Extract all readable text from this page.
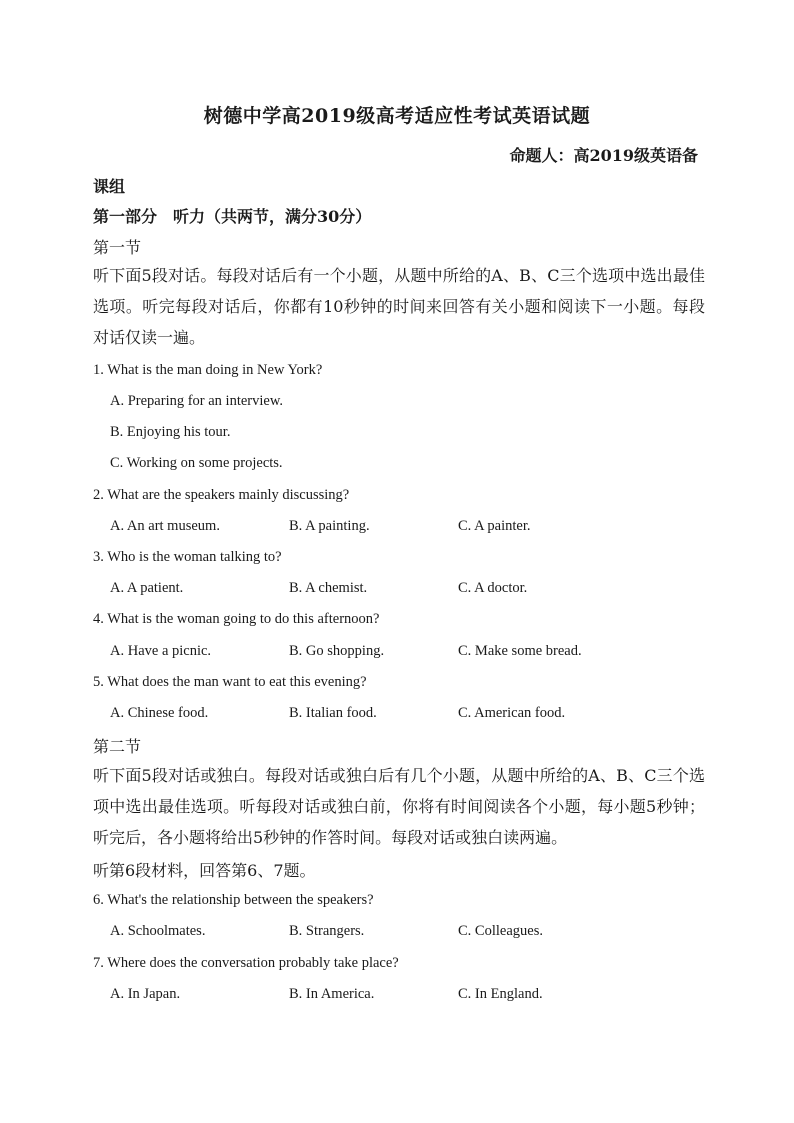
树德中学高2019级高考适应性考试英语试题
命题人：高2019级英语备
课组
第一部分　听力（共两节，满分30分）
第一节
听下面5段对话。每段对话后有一个小题，从题中所给的A、B、C三个选项中选出最佳选项。听完每段对话后，你都有10秒钟的时间来回答有关小题和阅读下一小题。每段对话仅读一遍。
1. What is the man doing in New York?
A. Preparing for an interview.
B. Enjoying his tour.
C. Working on some projects.
2. What are the speakers mainly discussing?
A. An art museum.	B. A painting.	C. A painter.
3. Who is the woman talking to?
A. A patient.	B. A chemist.	C. A doctor.
4. What is the woman going to do this afternoon?
A. Have a picnic.	B. Go shopping.	C. Make some bread.
5. What does the man want to eat this evening?
A. Chinese food.	B. Italian food.	C. American food.
第二节
听下面5段对话或独白。每段对话或独白后有几个小题，从题中所给的A、B、C三个选项中选出最佳选项。听每段对话或独白前，你将有时间阅读各个小题，每小题5秒钟；听完后，各小题将给出5秒钟的作答时间。每段对话或独白读两遍。
听第6段材料，回答第6、7题。
6. What's the relationship between the speakers?
A. Schoolmates.	B. Strangers.	C. Colleagues.
7. Where does the conversation probably take place?
A. In Japan.	B. In America.	C. In England.
